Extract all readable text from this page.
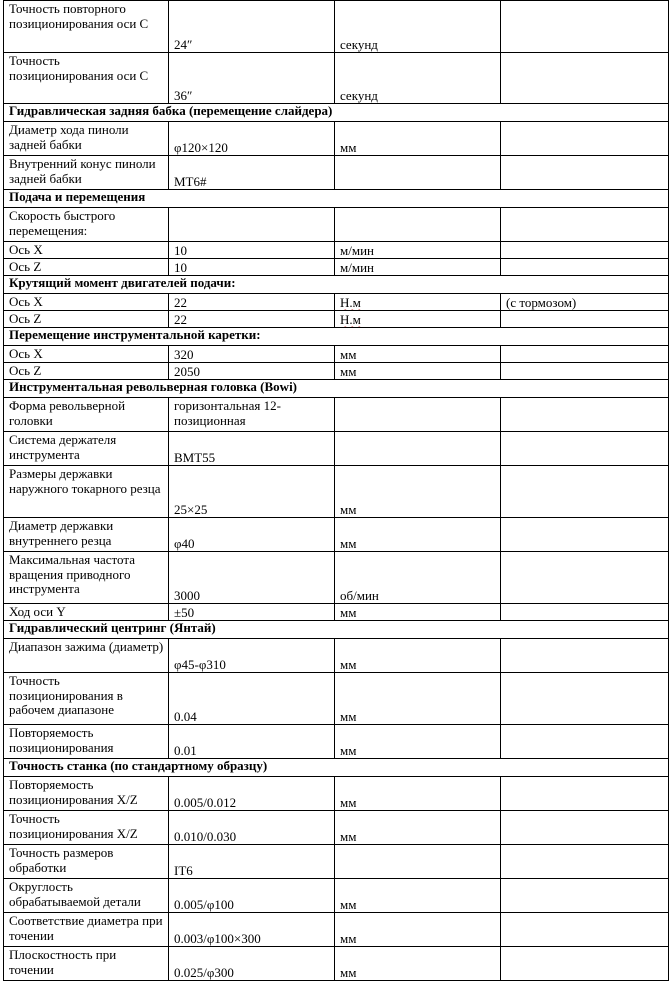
Точность повторного позиционирования оси С	24″	секунд	
Точность позиционирования оси С	36″	секунд	
Гидравлическая задняя бабка (перемещение слайдера)			
Диаметр хода пиноли задней бабки	φ120×120	мм	
Внутренний конус пиноли задней бабки	MT6#		
Подача и перемещения			
Скорость быстрого перемещения:			
Ось X	10	м/мин	
Ось Z	10	м/мин	
Крутящий момент двигателей подачи:			
Ось X	22	Н.м	(с тормозом)
Ось Z	22	Н.м	
Перемещение инструментальной каретки:			
Ось X	320	мм	
Ось Z	2050	мм	
Инструментальная револьверная головка (Bowi)			
Форма револьверной головки	горизонтальная 12-позиционная		
Система держателя инструмента	BMT55		
Размеры державки наружного токарного резца	25×25	мм	
Диаметр державки внутреннего резца	φ40	мм	
Максимальная частота вращения приводного инструмента	3000	об/мин	
Ход оси Y	±50	мм	
Гидравлический центринг (Янтай)			
Диапазон зажима (диаметр)	φ45-φ310	мм	
Точность позиционирования в рабочем диапазоне	0.04	мм	
Повторяемость позиционирования	0.01	мм	
Точность станка (по стандартному образцу)			
Повторяемость позиционирования X/Z	0.005/0.012	мм	
Точность позиционирования X/Z	0.010/0.030	мм	
Точность размеров обработки	IT6		
Округлость обрабатываемой детали	0.005/φ100	мм	
Соответствие диаметра при точении	0.003/φ100×300	мм	
Плоскостность при точении	0.025/φ300	мм	
